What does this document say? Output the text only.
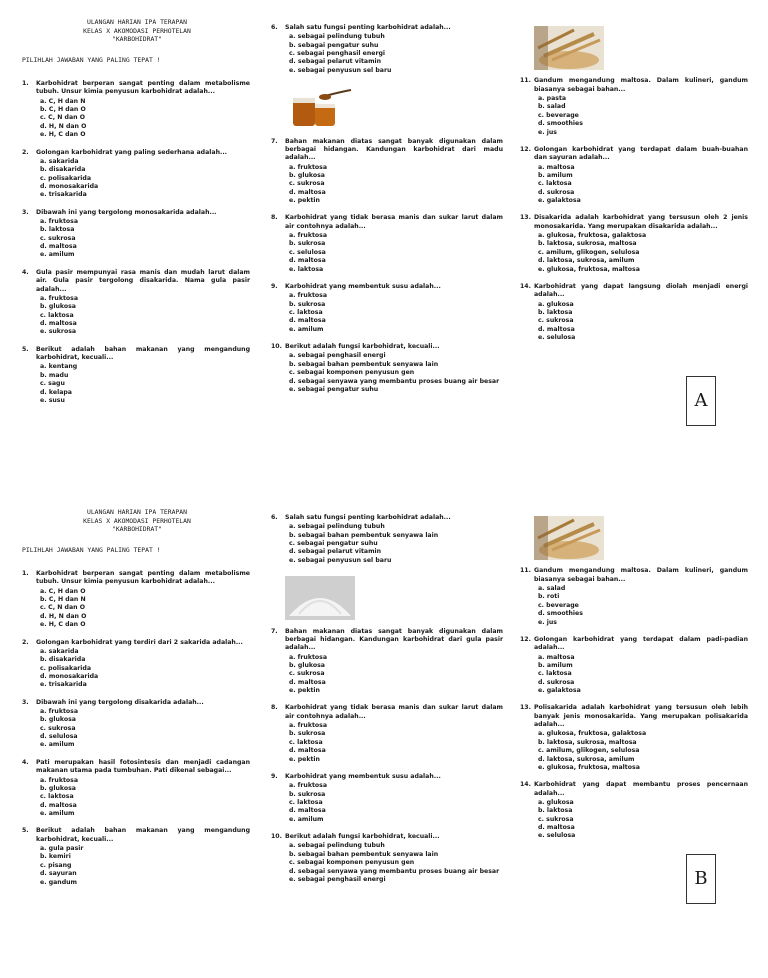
ULANGAN HARIAN IPA TERAPAN
KELAS X AKOMODASI PERHOTELAN
"KARBOHIDRAT"
PILIHLAH JAWABAN YANG PALING TEPAT !
1.	Karbohidrat berperan sangat penting dalam metabolisme tubuh. Unsur kimia penyusun karbohidrat adalah...
a. C, H dan N
b. C, H dan O
c. C, N dan O
d. H, N dan O
e. H, C dan O
2.	Golongan karbohidrat yang paling sederhana adalah...
a. sakarida
b. disakarida
c. polisakarida
d. monosakarida
e. trisakarida
3.	Dibawah ini yang tergolong monosakarida adalah...
a. fruktosa
b. laktosa
c. sukrosa
d. maltosa
e. amilum
4.	Gula pasir mempunyai rasa manis dan mudah larut dalam air. Gula pasir tergolong disakarida. Nama gula pasir adalah...
a. fruktosa
b. glukosa
c. laktosa
d. maltosa
e. sukrosa
5.	Berikut adalah bahan makanan yang mengandung karbohidrat, kecuali...
a. kentang
b. madu
c. sagu
d. kelapa
e. susu
6.	Salah satu fungsi penting karbohidrat adalah...
a. sebagai pelindung tubuh
b. sebagai pengatur suhu
c. sebagai penghasil energi
d. sebagai pelarut vitamin
e. sebagai penyusun sel baru
7.	Bahan makanan diatas sangat banyak digunakan dalam berbagai hidangan. Kandungan karbohidrat dari madu adalah...
a. fruktosa
b. glukosa
c. sukrosa
d. maltosa
e. pektin
8.	Karbohidrat yang tidak berasa manis dan sukar larut dalam air contohnya adalah...
a. fruktosa
b. sukrosa
c. selulosa
d. maltosa
e. laktosa
9.	Karbohidrat yang membentuk susu adalah...
a. fruktosa
b. sukrosa
c. laktosa
d. maltosa
e. amilum
10. Berikut adalah fungsi karbohidrat, kecuali...
a. sebagai penghasil energi
b. sebagai bahan pembentuk senyawa lain
c. sebagai komponen penyusun gen
d. sebagai senyawa yang membantu proses buang air besar
e. sebagai pengatur suhu
11. Gandum mengandung maltosa. Dalam kulineri, gandum biasanya sebagai bahan...
a. pasta
b. salad
c. beverage
d. smoothies
e. jus
12. Golongan karbohidrat yang terdapat dalam buah-buahan dan sayuran adalah...
a. maltosa
b. amilum
c. laktosa
d. sukrosa
e. galaktosa
13. Disakarida adalah karbohidrat yang tersusun oleh 2 jenis monosakarida. Yang merupakan disakarida adalah...
a. glukosa, fruktosa, galaktosa
b. laktosa, sukrosa, maltosa
c. amilum, glikogen, selulosa
d. laktosa, sukrosa, amilum
e. glukosa, fruktosa, maltosa
14. Karbohidrat yang dapat langsung diolah menjadi energi adalah...
a. glukosa
b. laktosa
c. sukrosa
d. maltosa
e. selulosa
A
ULANGAN HARIAN IPA TERAPAN
KELAS X AKOMODASI PERHOTELAN
"KARBOHIDRAT"
PILIHLAH JAWABAN YANG PALING TEPAT !
1.	Karbohidrat berperan sangat penting dalam metabolisme tubuh. Unsur kimia penyusun karbohidrat adalah...
a. C, H dan O
b. C, H dan N
c. C, N dan O
d. H, N dan O
e. H, C dan O
2.	Golongan karbohidrat yang terdiri dari 2 sakarida adalah...
a. sakarida
b. disakarida
c. polisakarida
d. monosakarida
e. trisakarida
3.	Dibawah ini yang tergolong disakarida adalah...
a. fruktosa
b. glukosa
c. sukrosa
d. selulosa
e. amilum
4.	Pati merupakan hasil fotosintesis dan menjadi cadangan makanan utama pada tumbuhan. Pati dikenal sebagai...
a. fruktosa
b. glukosa
c. laktosa
d. maltosa
e. amilum
5.	Berikut adalah bahan makanan yang mengandung karbohidrat, kecuali...
a. gula pasir
b. kemiri
c. pisang
d. sayuran
e. gandum
6.	Salah satu fungsi penting karbohidrat adalah...
a. sebagai pelindung tubuh
b. sebagai bahan pembentuk senyawa lain
c. sebagai pengatur suhu
d. sebagai pelarut vitamin
e. sebagai penyusun sel baru
7.	Bahan makanan diatas sangat banyak digunakan dalam berbagai hidangan. Kandungan karbohidrat dari gula pasir adalah...
a. fruktosa
b. glukosa
c. sukrosa
d. maltosa
e. pektin
8.	Karbohidrat yang tidak berasa manis dan sukar larut dalam air contohnya adalah...
a. fruktosa
b. sukrosa
c. laktosa
d. maltosa
e. pektin
9.	Karbohidrat yang membentuk susu adalah...
a. fruktosa
b. sukrosa
c. laktosa
d. maltosa
e. amilum
10. Berikut adalah fungsi karbohidrat, kecuali...
a. sebagai pelindung tubuh
b. sebagai bahan pembentuk senyawa lain
c. sebagai komponen penyusun gen
d. sebagai senyawa yang membantu proses buang air besar
e. sebagai penghasil energi
11. Gandum mengandung maltosa. Dalam kulineri, gandum biasanya sebagai bahan...
a. salad
b. roti
c. beverage
d. smoothies
e. jus
12. Golongan karbohidrat yang terdapat dalam padi-padian adalah...
a. maltosa
b. amilum
c. laktosa
d. sukrosa
e. galaktosa
13. Polisakarida adalah karbohidrat yang tersusun oleh lebih banyak jenis monosakarida. Yang merupakan polisakarida adalah...
a. glukosa, fruktosa, galaktosa
b. laktosa, sukrosa, maltosa
c. amilum, glikogen, selulosa
d. laktosa, sukrosa, amilum
e. glukosa, fruktosa, maltosa
14. Karbohidrat yang dapat membantu proses pencernaan adalah...
a. glukosa
b. laktosa
c. sukrosa
d. maltosa
e. selulosa
B
